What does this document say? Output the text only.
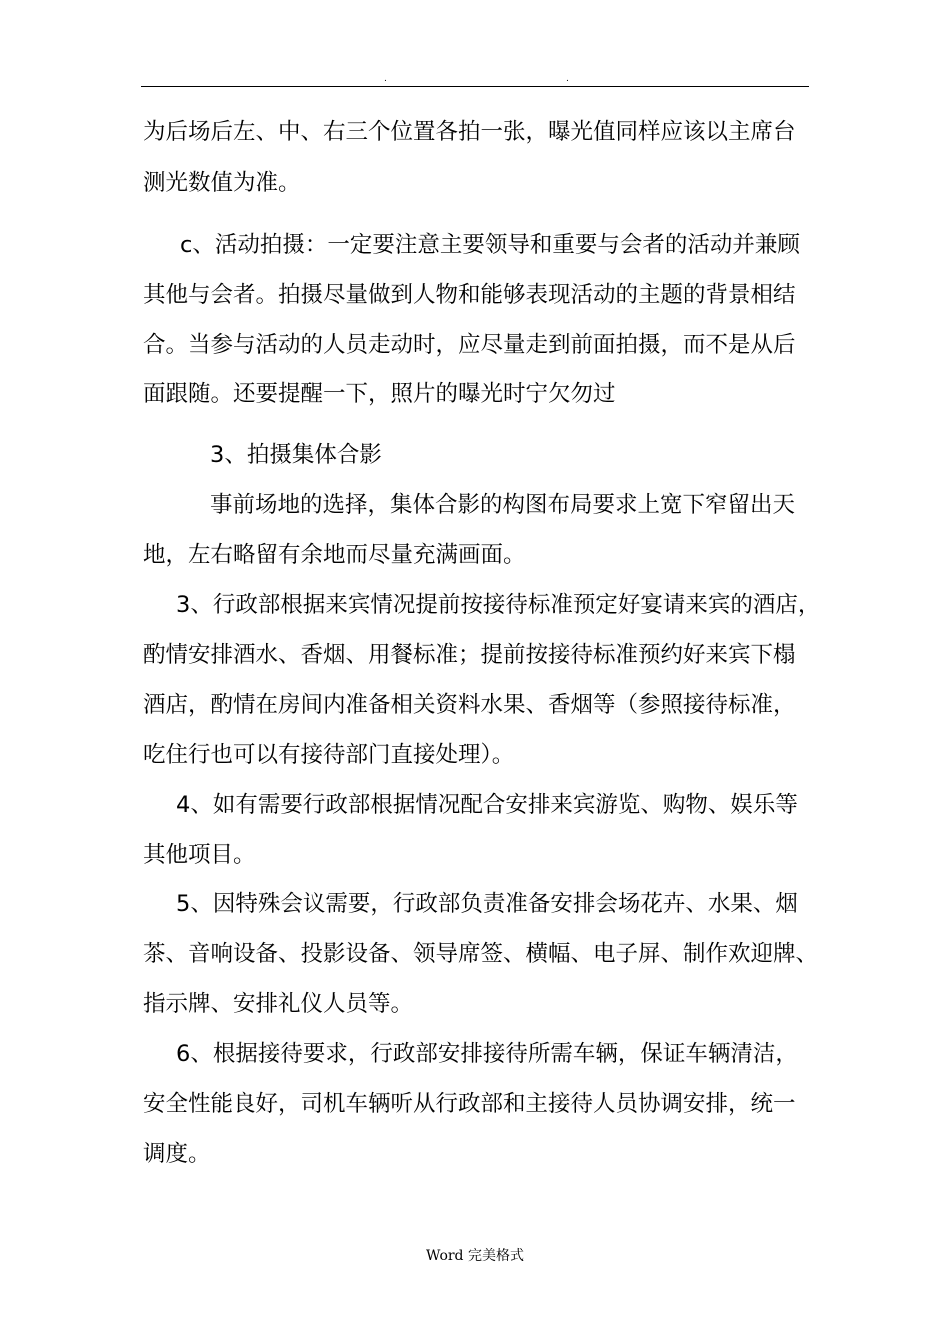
.	.
为后场后左、中、右三个位置各拍一张，曝光值同样应该以主席台
测光数值为准。
c、活动拍摄：一定要注意主要领导和重要与会者的活动并兼顾
其他与会者。拍摄尽量做到人物和能够表现活动的主题的背景相结
合。当参与活动的人员走动时，应尽量走到前面拍摄，而不是从后
面跟随。还要提醒一下，照片的曝光时宁欠勿过
3、拍摄集体合影
事前场地的选择，集体合影的构图布局要求上宽下窄留出天
地，左右略留有余地而尽量充满画面。
3、行政部根据来宾情况提前按接待标准预定好宴请来宾的酒店，
酌情安排酒水、香烟、用餐标准；提前按接待标准预约好来宾下榻
酒店，酌情在房间内准备相关资料水果、香烟等（参照接待标准，
吃住行也可以有接待部门直接处理）。
4、如有需要行政部根据情况配合安排来宾游览、购物、娱乐等
其他项目。
5、因特殊会议需要，行政部负责准备安排会场花卉、水果、烟
茶、音响设备、投影设备、领导席签、横幅、电子屏、制作欢迎牌、
指示牌、安排礼仪人员等。
6、根据接待要求，行政部安排接待所需车辆，保证车辆清洁，
安全性能良好，司机车辆听从行政部和主接待人员协调安排，统一
调度。
Word 完美格式
